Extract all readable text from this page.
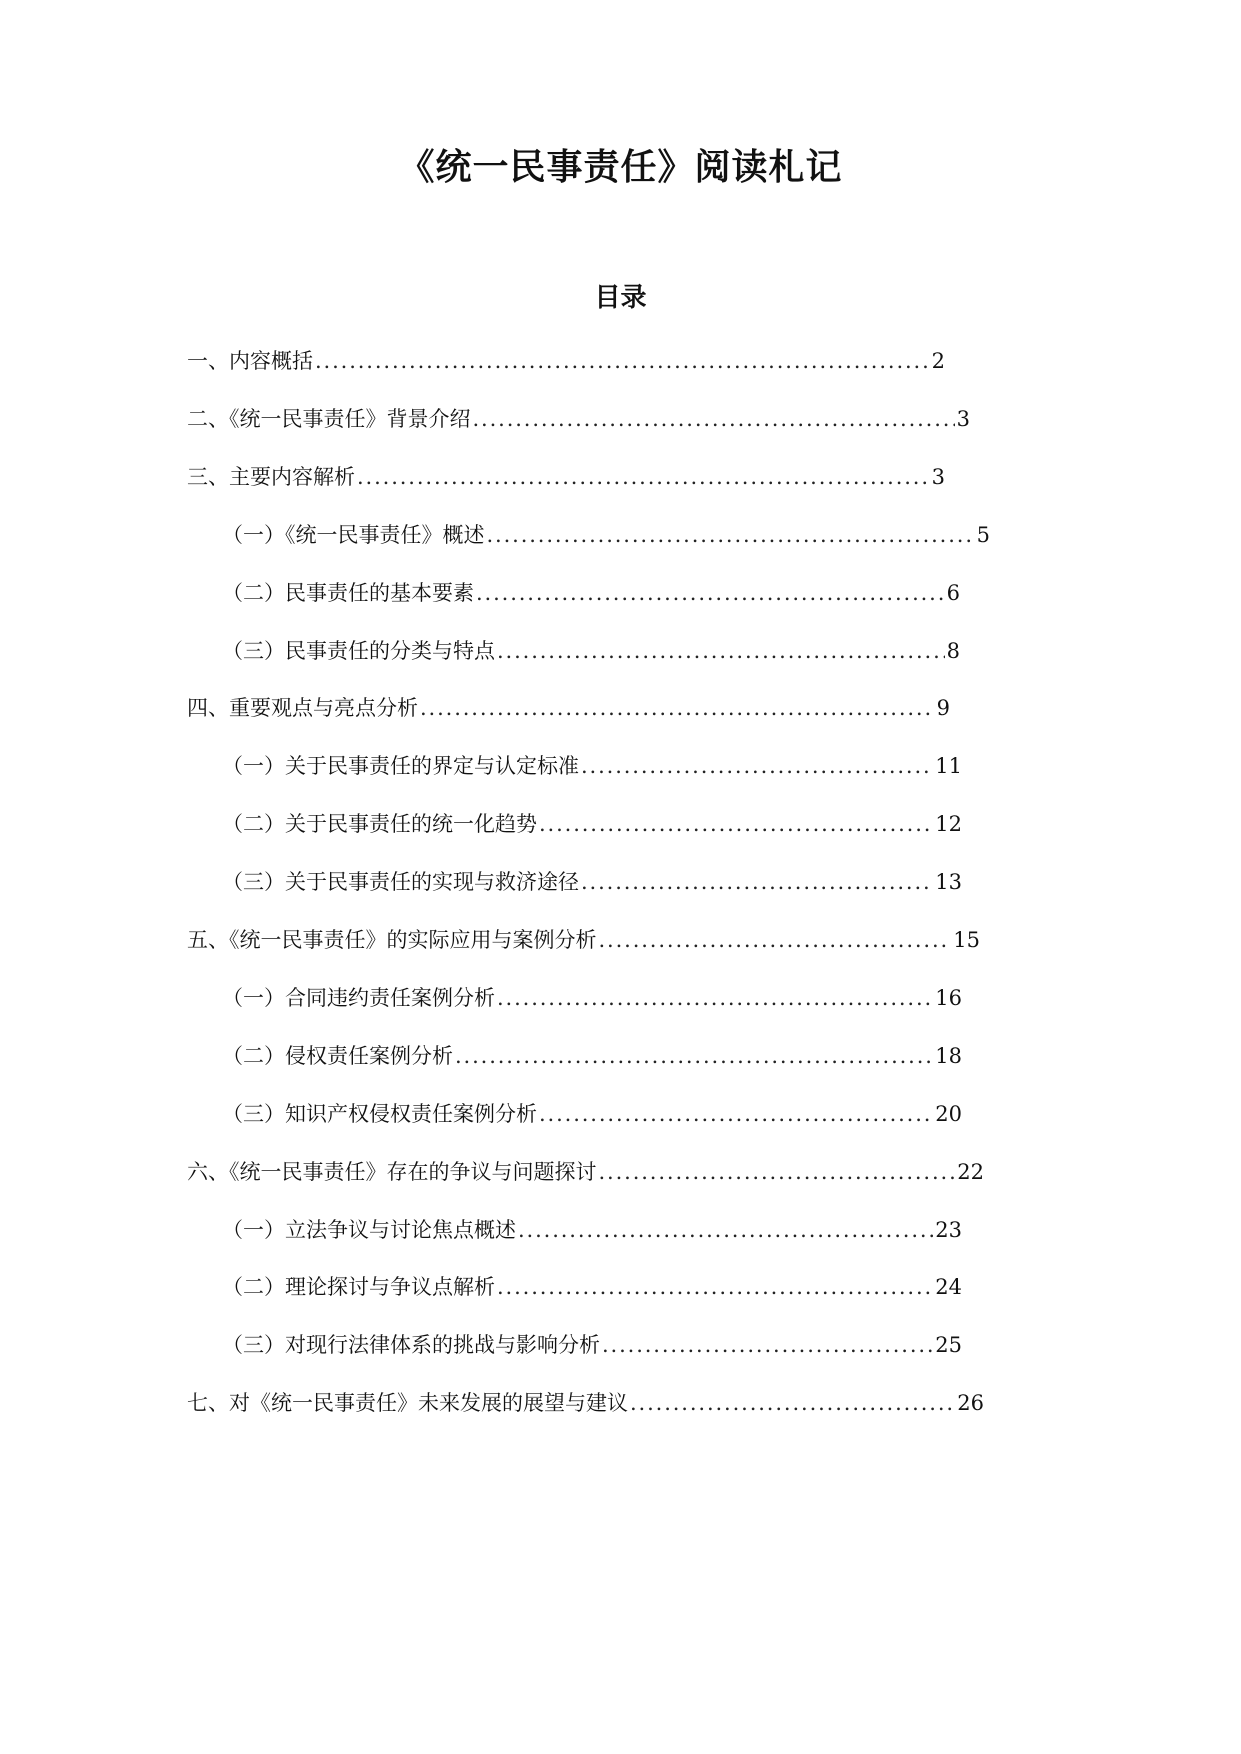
《统一民事责任》阅读札记
目录
一、内容概括 . . .	2
二、《统一民事责任》背景介绍 . . .	3
三、主要内容解析 . . .	3
（一）《统一民事责任》概述 . . .	5
（二）民事责任的基本要素 . . .	6
（三）民事责任的分类与特点 . . .	8
四、重要观点与亮点分析 . . .	9
（一）关于民事责任的界定与认定标准 . . .	11
（二）关于民事责任的统一化趋势 . . .	12
（三）关于民事责任的实现与救济途径 . . .	13
五、《统一民事责任》的实际应用与案例分析 . . .	15
（一）合同违约责任案例分析 . . .	16
（二）侵权责任案例分析 . . .	18
（三）知识产权侵权责任案例分析 . . .	20
六、《统一民事责任》存在的争议与问题探讨 . . .	22
（一）立法争议与讨论焦点概述 . . .	23
（二）理论探讨与争议点解析 . . .	24
（三）对现行法律体系的挑战与影响分析 . . .	25
七、对《统一民事责任》未来发展的展望与建议 . . .	26
